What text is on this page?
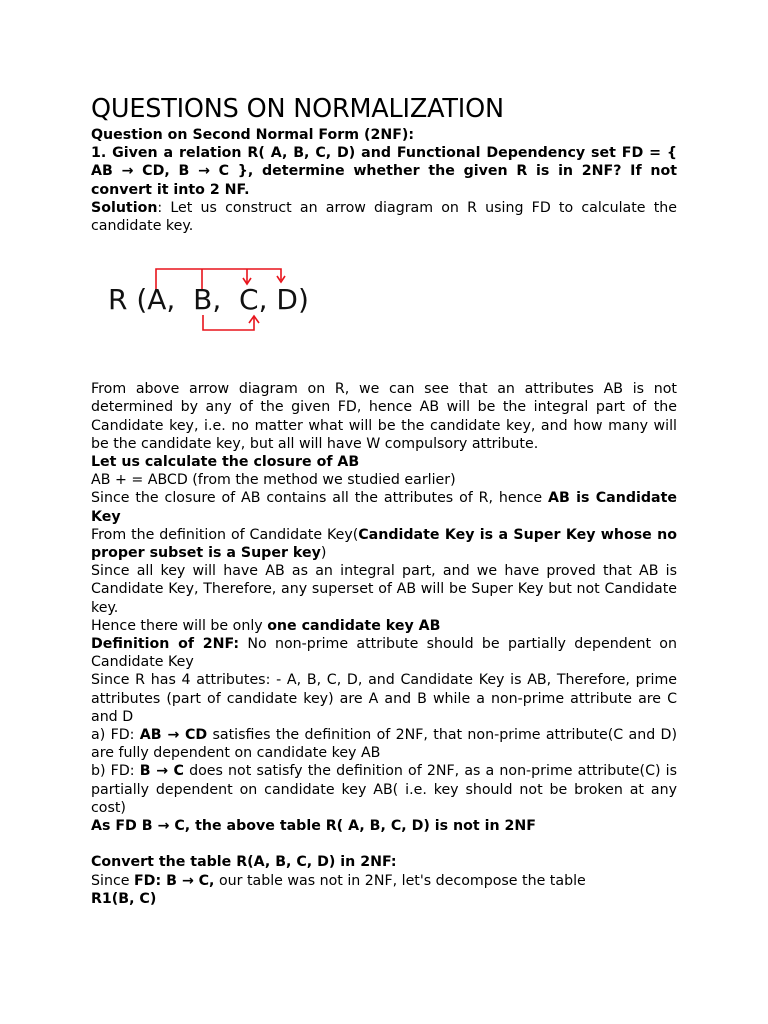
QUESTIONS ON NORMALIZATION

Question on Second Normal Form (2NF):

1. Given a relation R( A, B, C, D) and Functional Dependency set FD = { AB → CD, B → C }, determine whether the given R is in 2NF? If not convert it into 2 NF.

Solution: Let us construct an arrow diagram on R using FD to calculate the candidate key.

R (A,  B,  C, D)

From above arrow diagram on R, we can see that an attributes AB is not determined by any of the given FD, hence AB will be the integral part of the Candidate key, i.e. no matter what will be the candidate key, and how many will be the candidate key, but all will have W compulsory attribute.

Let us calculate the closure of AB

AB + = ABCD (from the method we studied earlier)

Since the closure of AB contains all the attributes of R, hence AB is Candidate Key

From the definition of Candidate Key(Candidate Key is a Super Key whose no proper subset is a Super key)

Since all key will have AB as an integral part, and we have proved that AB is Candidate Key, Therefore, any superset of AB will be Super Key but not Candidate key.

Hence there will be only one candidate key AB

Definition of 2NF: No non-prime attribute should be partially dependent on Candidate Key

Since R has 4 attributes: - A, B, C, D, and Candidate Key is AB, Therefore, prime attributes (part of candidate key) are A and B while a non-prime attribute are C and D

a) FD: AB → CD satisfies the definition of 2NF, that non-prime attribute(C and D) are fully dependent on candidate key AB

b) FD: B → C does not satisfy the definition of 2NF, as a non-prime attribute(C) is partially dependent on candidate key AB( i.e. key should not be broken at any cost)

As FD B → C, the above table R( A, B, C, D) is not in 2NF

Convert the table R(A, B, C, D) in 2NF:

Since FD: B → C, our table was not in 2NF, let's decompose the table

R1(B, C)
